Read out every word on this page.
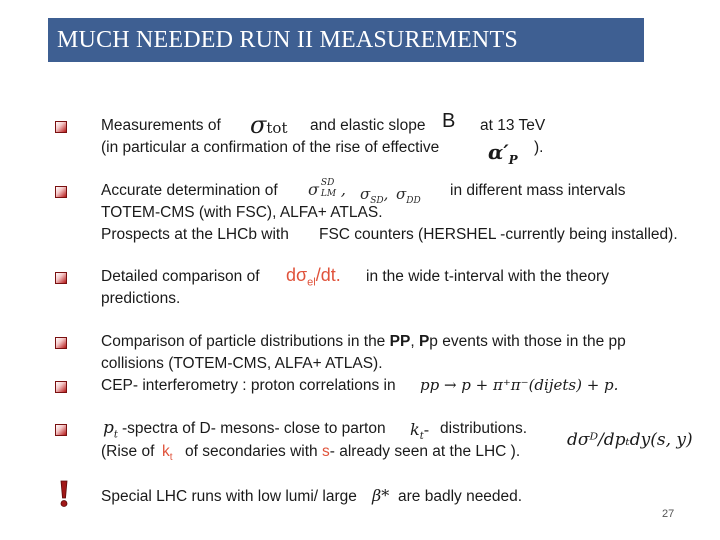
MUCH NEEDED RUN II MEASUREMENTS
Measurements of σtot and elastic slope B at 13 TeV
(in particular a confirmation of the rise of effective $\alpha'_P$
).
Accurate determination of σ SD
LM , $\sigma_{SD}$, $\sigma_{DD}$
in different mass intervals
TOTEM-CMS (with FSC), ALFA+ ATLAS.
Prospects at the LHCb with FSC counters (HERSHEL -currently being installed).
Detailed comparison of $d\sigma_{el}/dt$. in the wide t-interval with the theory
predictions.
Comparison of particle distributions in the PP, Pp events with those in the pp
collisions (TOTEM-CMS, ALFA+ ATLAS).
CEP- interferometry : proton correlations in pp → p + π⁺π⁻(dijets) + p.
$p_t$ -spectra of D- mesons- close to parton $k_t-$ distributions.
(Rise of $k_t$ of secondaries with s- already seen at the LHC ).
dσᴰ/dpₜdy(s, y)
Special LHC runs with low lumi/ large β* are badly needed.
27
